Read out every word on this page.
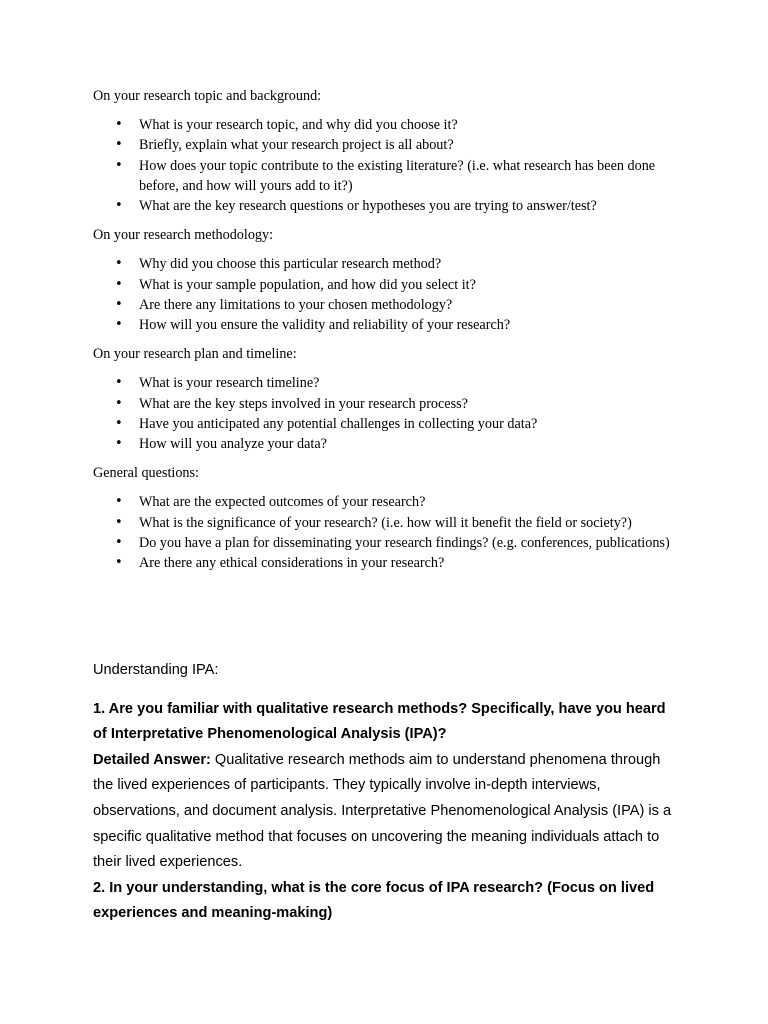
On your research topic and background:

• What is your research topic, and why did you choose it?
• Briefly, explain what your research project is all about?
• How does your topic contribute to the existing literature? (i.e. what research has been done before, and how will yours add to it?)
• What are the key research questions or hypotheses you are trying to answer/test?

On your research methodology:

• Why did you choose this particular research method?
• What is your sample population, and how did you select it?
• Are there any limitations to your chosen methodology?
• How will you ensure the validity and reliability of your research?

On your research plan and timeline:

• What is your research timeline?
• What are the key steps involved in your research process?
• Have you anticipated any potential challenges in collecting your data?
• How will you analyze your data?

General questions:

• What are the expected outcomes of your research?
• What is the significance of your research? (i.e. how will it benefit the field or society?)
• Do you have a plan for disseminating your research findings? (e.g. conferences, publications)
• Are there any ethical considerations in your research?

Understanding IPA:

1. Are you familiar with qualitative research methods? Specifically, have you heard of Interpretative Phenomenological Analysis (IPA)?

Detailed Answer: Qualitative research methods aim to understand phenomena through the lived experiences of participants. They typically involve in-depth interviews, observations, and document analysis. Interpretative Phenomenological Analysis (IPA) is a specific qualitative method that focuses on uncovering the meaning individuals attach to their lived experiences.

2. In your understanding, what is the core focus of IPA research? (Focus on lived experiences and meaning-making)
